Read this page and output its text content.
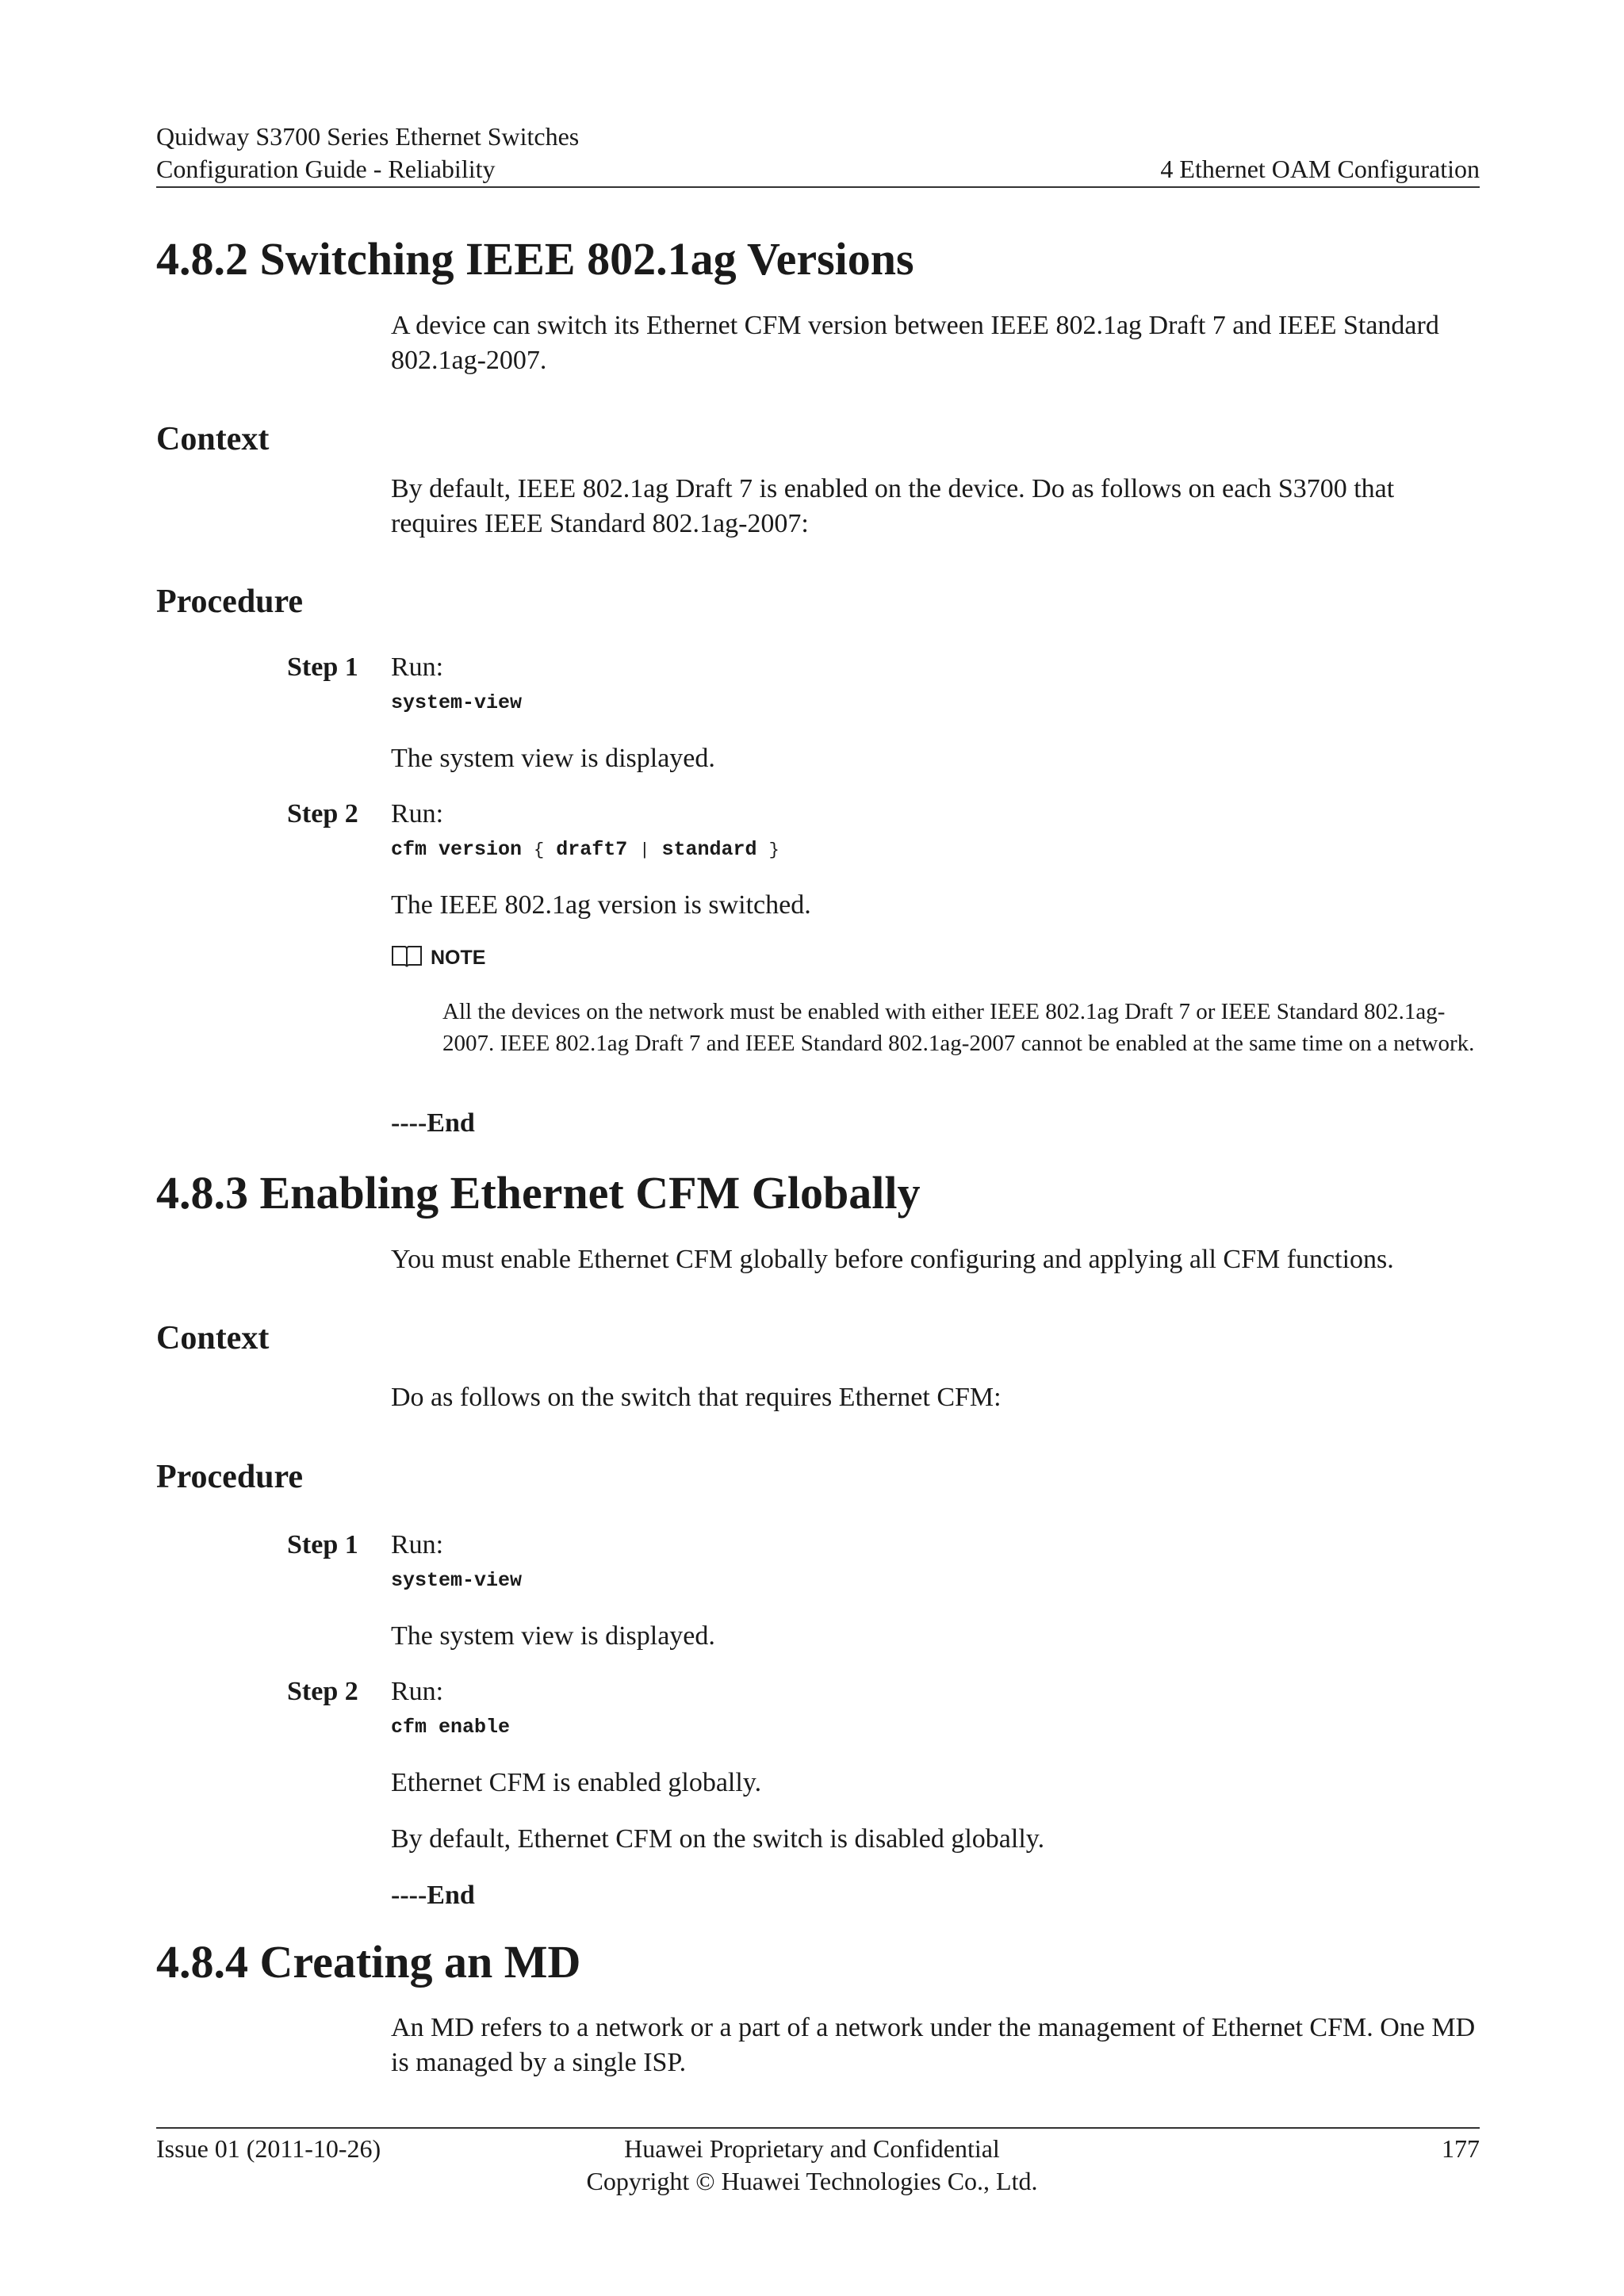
Quidway S3700 Series Ethernet Switches
Configuration Guide - Reliability	4 Ethernet OAM Configuration
4.8.2 Switching IEEE 802.1ag Versions
A device can switch its Ethernet CFM version between IEEE 802.1ag Draft 7 and IEEE Standard 802.1ag-2007.
Context
By default, IEEE 802.1ag Draft 7 is enabled on the device. Do as follows on each S3700 that requires IEEE Standard 802.1ag-2007:
Procedure
Step 1 Run:
system-view
The system view is displayed.
Step 2 Run:
cfm version { draft7 | standard }
The IEEE 802.1ag version is switched.
NOTE
All the devices on the network must be enabled with either IEEE 802.1ag Draft 7 or IEEE Standard 802.1ag-2007. IEEE 802.1ag Draft 7 and IEEE Standard 802.1ag-2007 cannot be enabled at the same time on a network.
----End
4.8.3 Enabling Ethernet CFM Globally
You must enable Ethernet CFM globally before configuring and applying all CFM functions.
Context
Do as follows on the switch that requires Ethernet CFM:
Procedure
Step 1 Run:
system-view
The system view is displayed.
Step 2 Run:
cfm enable
Ethernet CFM is enabled globally.
By default, Ethernet CFM on the switch is disabled globally.
----End
4.8.4 Creating an MD
An MD refers to a network or a part of a network under the management of Ethernet CFM. One MD is managed by a single ISP.
Issue 01 (2011-10-26)	Huawei Proprietary and Confidential
Copyright © Huawei Technologies Co., Ltd.
177
